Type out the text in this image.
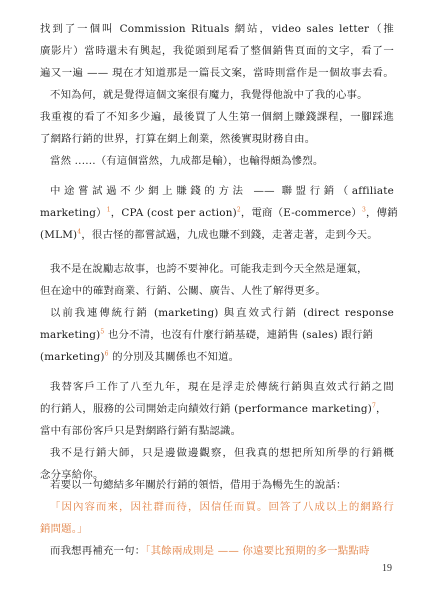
找到了一個叫 Commission Rituals 網站，video sales letter（推
廣影片）當時還未有興起，我從頭到尾看了整個銷售頁面的文字，看了一
遍又一遍 —— 現在才知道那是一篇長文案，當時則當作是一個故事去看。
不知為何，就是覺得這個文案很有魔力，我覺得他說中了我的心事。
我重複的看了不知多少遍，最後買了人生第一個網上賺錢課程，一腳踩進
了網路行銷的世界，打算在網上創業，然後實現財務自由。
當然 ......（有這個當然，九成都是輸），也輸得頗為慘烈。
中途嘗試過不少網上賺錢的方法 —— 聯盟行銷（affiliate
marketing）$^1$，CPA (cost per action)$^2$，電商（E-commerce）$^3$，傳銷
(MLM)$^4$，很古怪的都嘗試過，九成也賺不到錢，走著走著，走到今天。
我不是在說勵志故事，也誇不要神化。可能我走到今天全然是運氣，
但在途中的確對商業、行銷、公關、廣告、人性了解得更多。
以前我連傳統行銷 (marketing) 與直效式行銷 (direct response
marketing)$^5$ 也分不清，也沒有什麼行銷基礎，連銷售 (sales) 跟行銷
(marketing)$^6$ 的分別及其關係也不知道。
我替客戶工作了八至九年，現在是浮走於傳統行銷與直效式行銷之間
的行銷人，服務的公司開始走向績效行銷 (performance marketing)$^7$，
當中有部份客戶只是對網路行銷有點認識。
我不是行銷大師，只是邊做邊觀察，但我真的想把所知所學的行銷概
念分享給你。
若要以一句總結多年關於行銷的領悟，借用于為暢先生的說話：
「因內容而來，因社群而待，因信任而買。回答了八成以上的網路行
銷問題。」
而我想再補充一句：「其餘兩成則是 —— 你遠要比預期的多一點點時
19
